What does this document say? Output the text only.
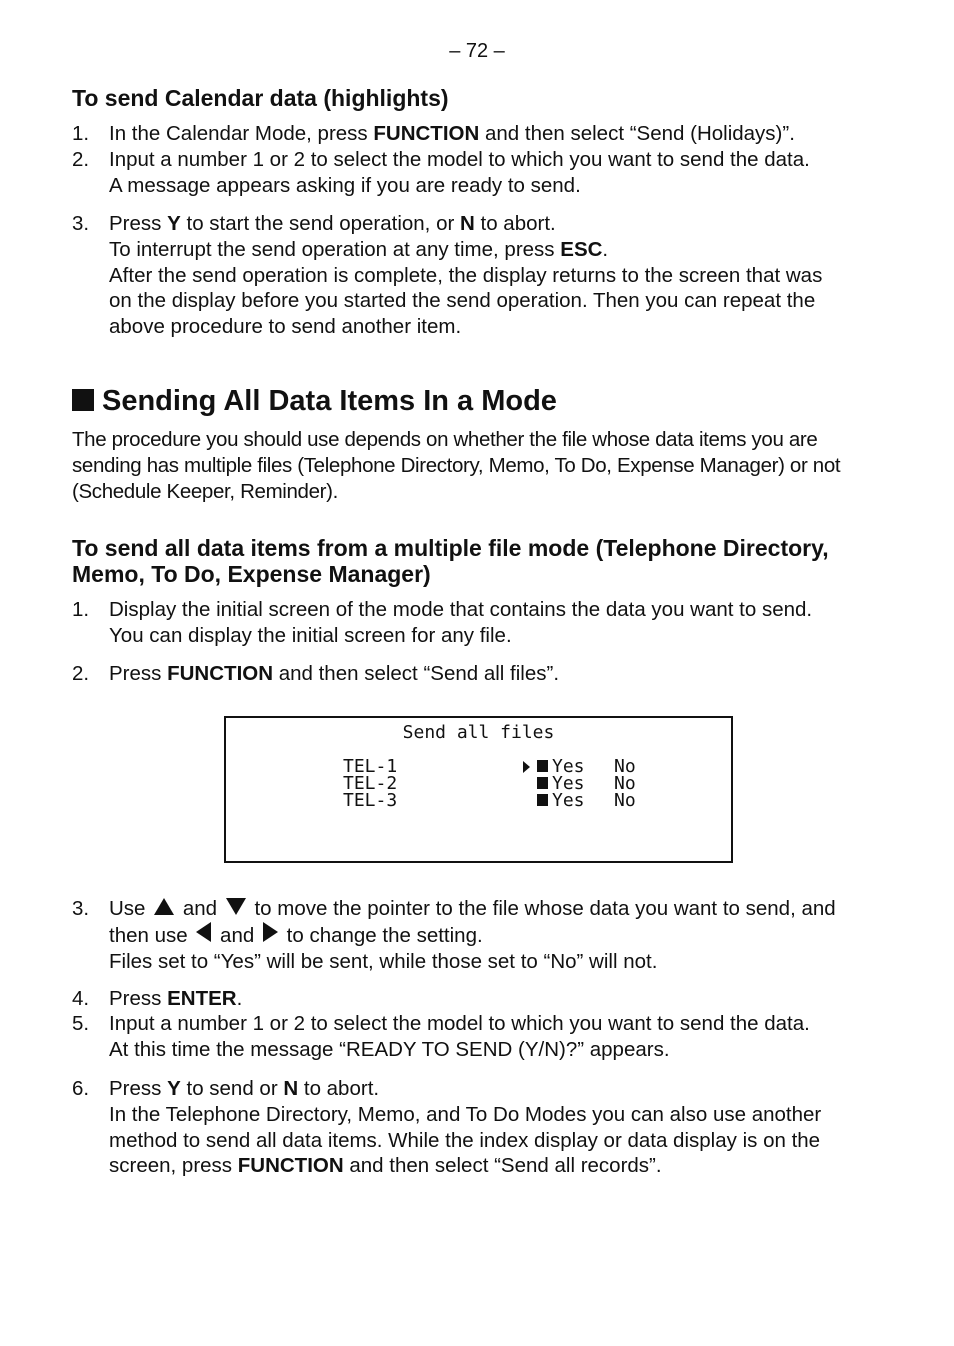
– 72 –
To send Calendar data (highlights)
1. In the Calendar Mode, press FUNCTION and then select “Send (Holidays)”.
2. Input a number 1 or 2 to select the model to which you want to send the data.
A message appears asking if you are ready to send.
3. Press Y to start the send operation, or N to abort.
To interrupt the send operation at any time, press ESC.
After the send operation is complete, the display returns to the screen that was
on the display before you started the send operation. Then you can repeat the
above procedure to send another item.
Sending All Data Items In a Mode

The procedure you should use depends on whether the file whose data items you are sending has multiple files (Telephone Directory, Memo, To Do, Expense Manager) or not (Schedule Keeper, Reminder).

To send all data items from a multiple file mode (Telephone Directory, Memo, To Do, Expense Manager)
1. Display the initial screen of the mode that contains the data you want to send.
You can display the initial screen for any file.
2. Press FUNCTION and then select “Send all files”.
Send all files
TEL-1	Yes No
TEL-2	Yes No
TEL-3	Yes No
3. Use  and  to move the pointer to the file whose data you want to send, and
then use  and  to change the setting.
Files set to “Yes” will be sent, while those set to “No” will not.
4. Press ENTER.
5. Input a number 1 or 2 to select the model to which you want to send the data.
At this time the message “READY TO SEND (Y/N)?” appears.
6. Press Y to send or N to abort.
In the Telephone Directory, Memo, and To Do Modes you can also use another
method to send all data items. While the index display or data display is on the
screen, press FUNCTION and then select “Send all records”.
